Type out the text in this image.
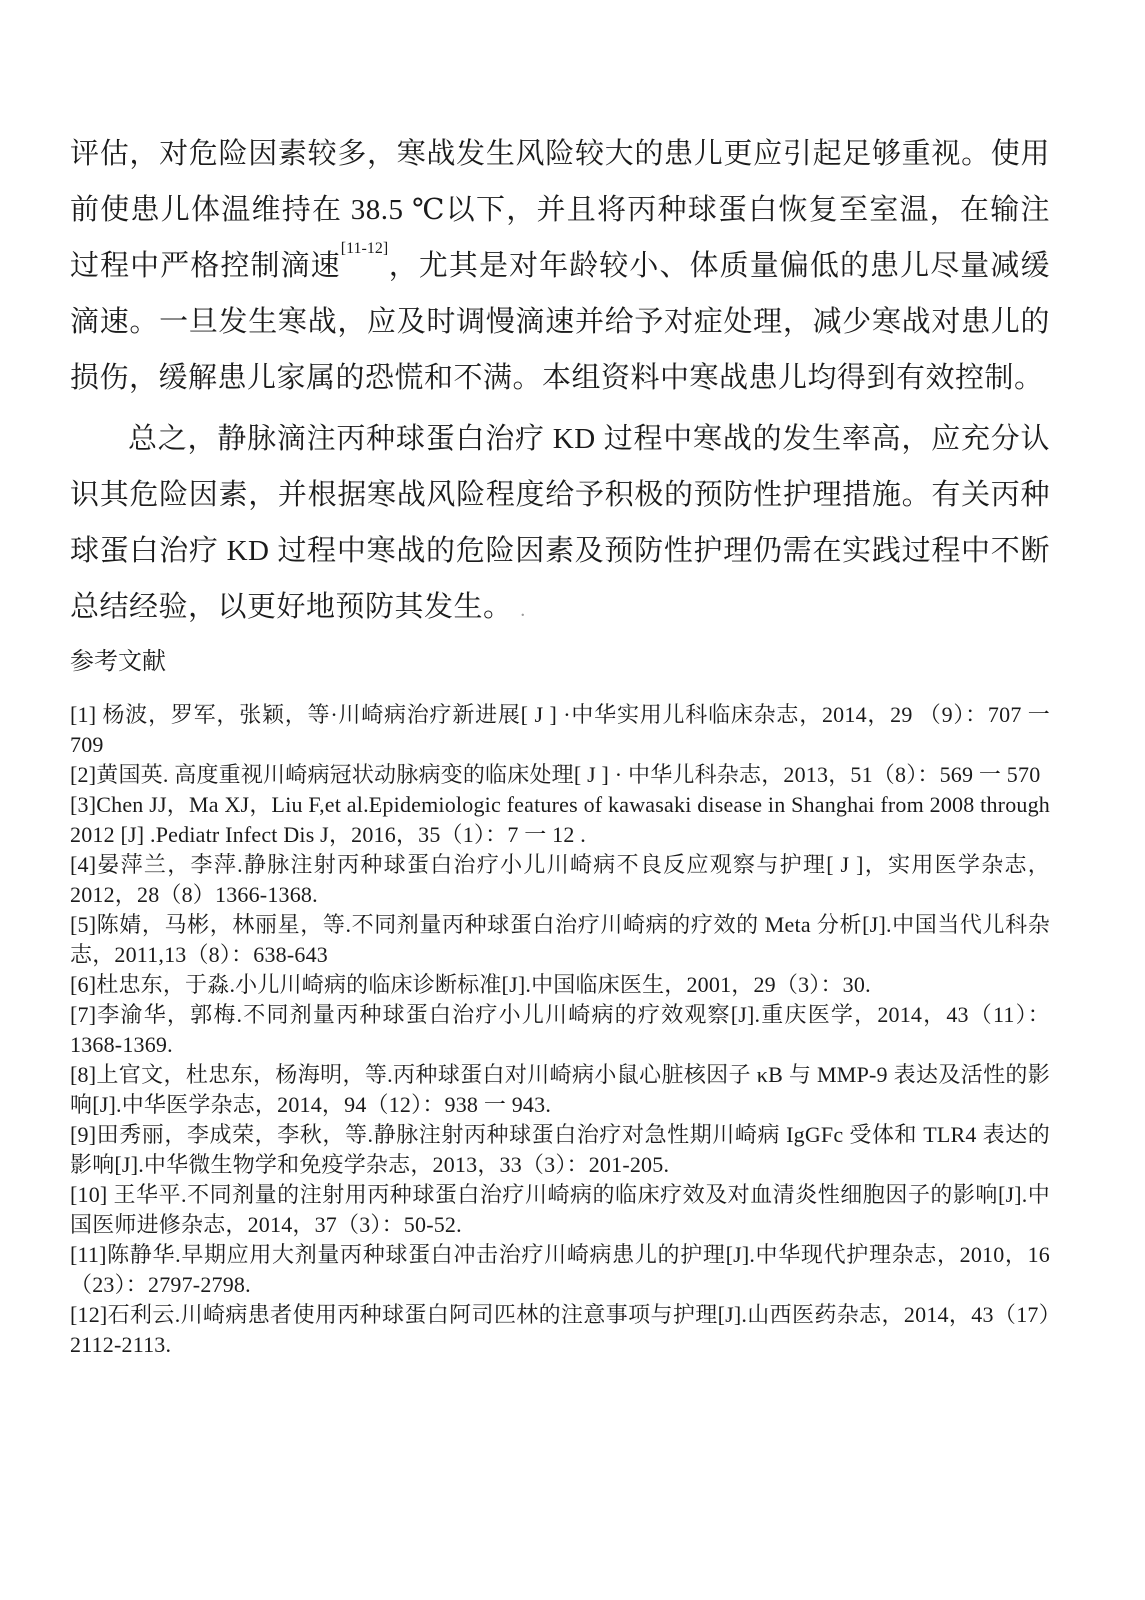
评估，对危险因素较多，寒战发生风险较大的患儿更应引起足够重视。使用前使患儿体温维持在 38.5 ℃以下，并且将丙种球蛋白恢复至室温，在输注过程中严格控制滴速[11-12]，尤其是对年龄较小、体质量偏低的患儿尽量减缓滴速。一旦发生寒战，应及时调慢滴速并给予对症处理，减少寒战对患儿的损伤，缓解患儿家属的恐慌和不满。本组资料中寒战患儿均得到有效控制。

总之，静脉滴注丙种球蛋白治疗 KD 过程中寒战的发生率高，应充分认识其危险因素，并根据寒战风险程度给予积极的预防性护理措施。有关丙种球蛋白治疗 KD 过程中寒战的危险因素及预防性护理仍需在实践过程中不断总结经验，以更好地预防其发生。 .

参考文献

[1] 杨波，罗军，张颖，等·川崎病治疗新进展[ J ] ·中华实用儿科临床杂志，2014，29 （9）：707 一 709

[2]黄国英. 高度重视川崎病冠状动脉病变的临床处理[ J ] · 中华儿科杂志，2013，51（8）：569 一 570

[3]Chen JJ，Ma XJ，Liu F,et al.Epidemiologic features of kawasaki disease in Shanghai from 2008 through 2012 [J] .Pediatr Infect Dis J，2016，35（1）：7 一 12 .

[4]晏萍兰，李萍.静脉注射丙种球蛋白治疗小儿川崎病不良反应观察与护理[ J ]，实用医学杂志，2012，28（8）1366-1368.

[5]陈婧，马彬，林丽星，等.不同剂量丙种球蛋白治疗川崎病的疗效的 Meta 分析[J].中国当代儿科杂志，2011,13（8）：638-643

[6]杜忠东，于淼.小儿川崎病的临床诊断标准[J].中国临床医生，2001，29（3）：30.

[7]李渝华，郭梅.不同剂量丙种球蛋白治疗小儿川崎病的疗效观察[J].重庆医学，2014，43（11）：1368-1369.

[8]上官文，杜忠东，杨海明，等.丙种球蛋白对川崎病小鼠心脏核因子 κB 与 MMP-9 表达及活性的影响[J].中华医学杂志，2014，94（12）：938 一 943.

[9]田秀丽，李成荣，李秋，等.静脉注射丙种球蛋白治疗对急性期川崎病 IgGFc 受体和 TLR4 表达的影响[J].中华微生物学和免疫学杂志，2013，33（3）：201-205.

[10] 王华平.不同剂量的注射用丙种球蛋白治疗川崎病的临床疗效及对血清炎性细胞因子的影响[J].中国医师进修杂志，2014，37（3）：50-52.

[11]陈静华.早期应用大剂量丙种球蛋白冲击治疗川崎病患儿的护理[J].中华现代护理杂志，2010，16（23）：2797-2798.

[12]石利云.川崎病患者使用丙种球蛋白阿司匹林的注意事项与护理[J].山西医药杂志，2014，43（17）2112-2113.
